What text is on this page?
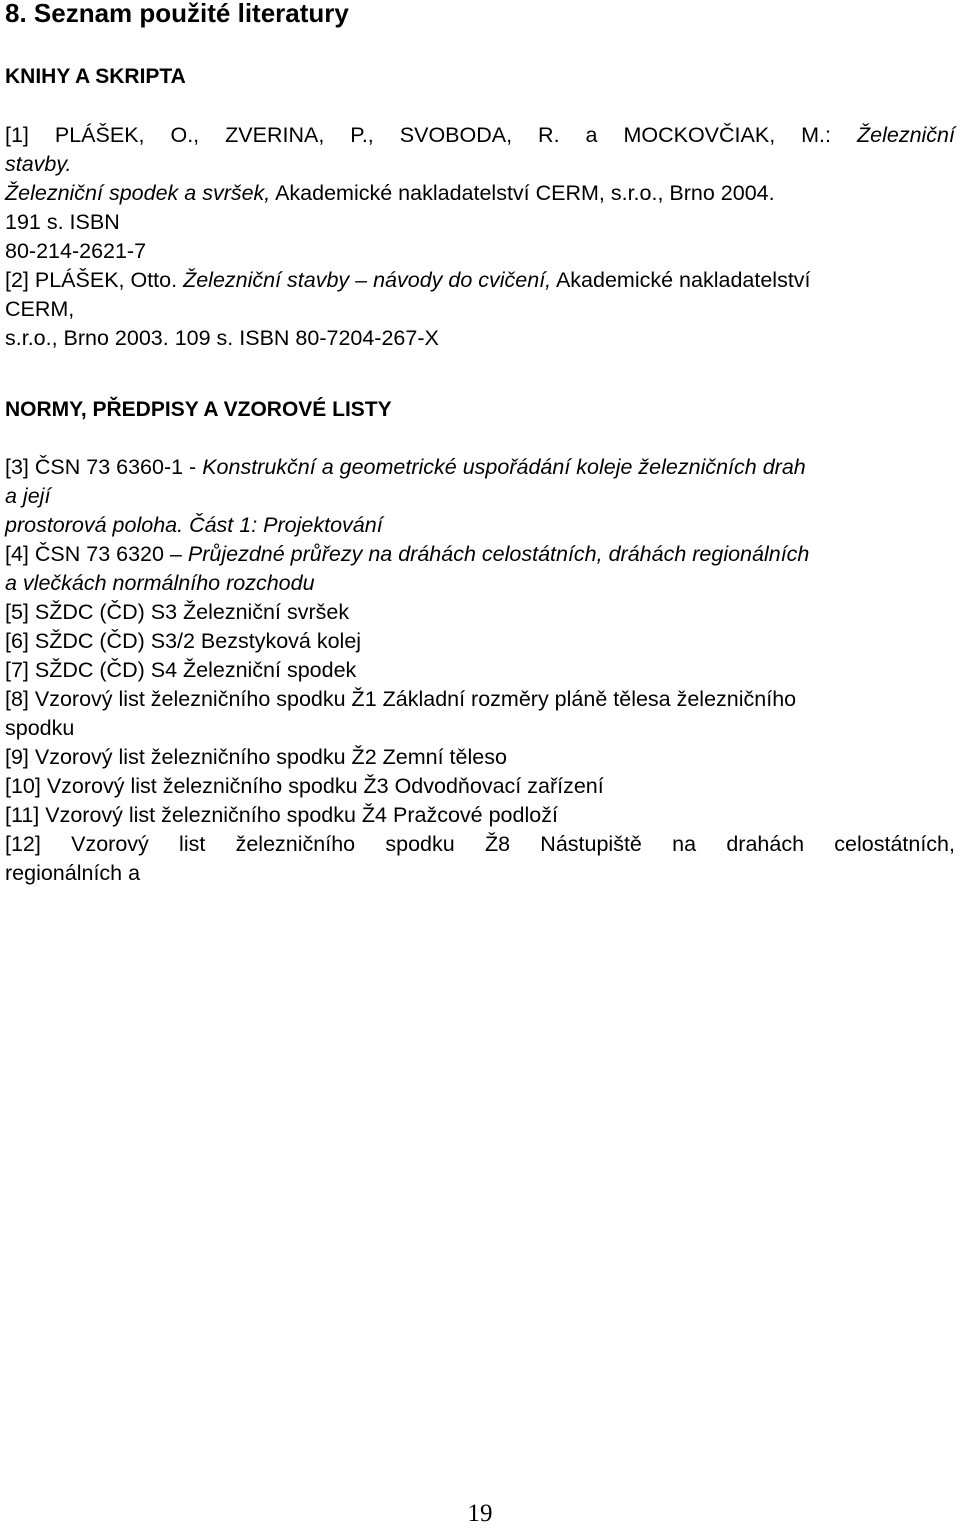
8. Seznam použité literatury
KNIHY A SKRIPTA
[1] PLÁŠEK, O., ZVERINA, P., SVOBODA, R. a MOCKOVČIAK, M.: Železniční
stavby.
Železniční spodek a svršek, Akademické nakladatelství CERM, s.r.o., Brno 2004.
191 s. ISBN
80-214-2621-7
[2] PLÁŠEK, Otto. Železniční stavby – návody do cvičení, Akademické nakladatelství
CERM,
s.r.o., Brno 2003. 109 s. ISBN 80-7204-267-X
NORMY, PŘEDPISY A VZOROVÉ LISTY
[3] ČSN 73 6360-1 - Konstrukční a geometrické uspořádání koleje železničních drah
a její
prostorová poloha. Část 1: Projektování
[4] ČSN 73 6320 – Průjezdné průřezy na dráhách celostátních, dráhách regionálních
a vlečkách normálního rozchodu
[5] SŽDC (ČD) S3 Železniční svršek
[6] SŽDC (ČD) S3/2 Bezstyková kolej
[7] SŽDC (ČD) S4 Železniční spodek
[8] Vzorový list železničního spodku Ž1 Základní rozměry pláně tělesa železničního
spodku
[9] Vzorový list železničního spodku Ž2 Zemní těleso
[10] Vzorový list železničního spodku Ž3 Odvodňovací zařízení
[11] Vzorový list železničního spodku Ž4 Pražcové podloží
[12] Vzorový list železničního spodku Ž8 Nástupiště na drahách celostátních,
regionálních a
19
